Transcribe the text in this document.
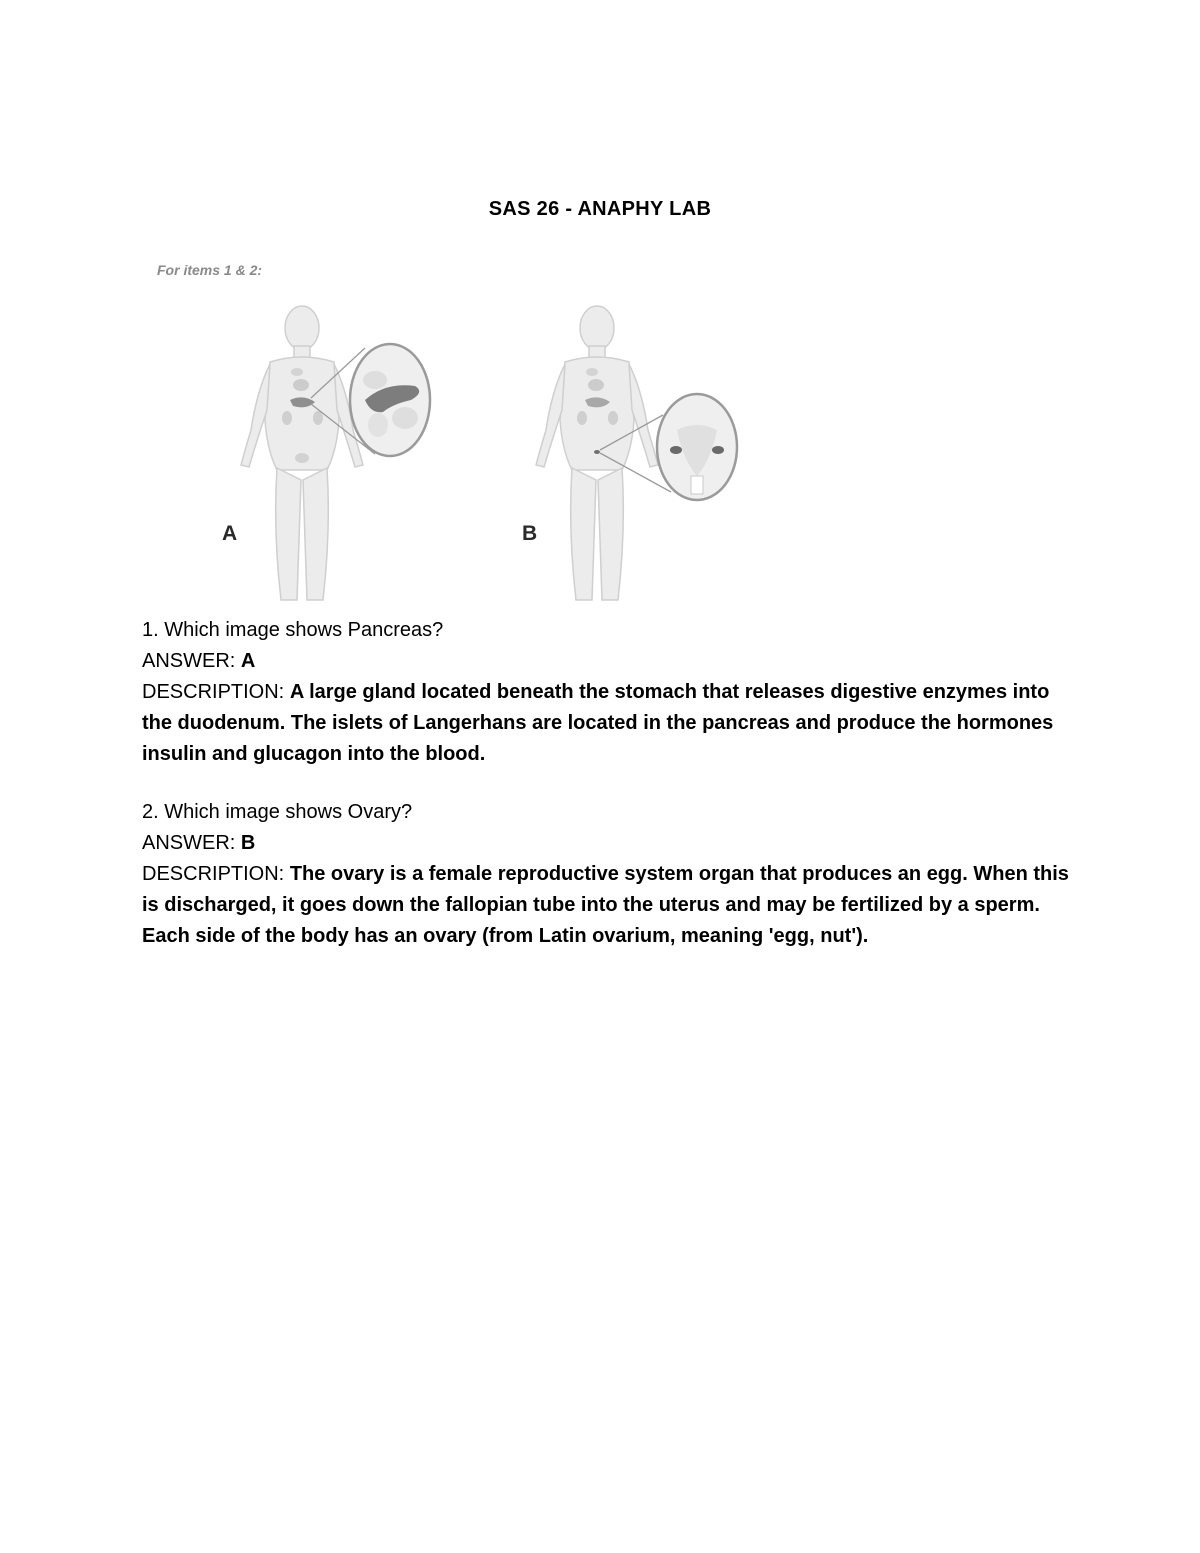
SAS 26 - ANAPHY LAB
For items 1 & 2:
A	B
1. Which image shows Pancreas?
ANSWER: A
DESCRIPTION: A large gland located beneath the stomach that releases digestive enzymes into the duodenum. The islets of Langerhans are located in the pancreas and produce the hormones insulin and glucagon into the blood.
2. Which image shows Ovary?
ANSWER: B
DESCRIPTION: The ovary is a female reproductive system organ that produces an egg. When this is discharged, it goes down the fallopian tube into the uterus and may be fertilized by a sperm. Each side of the body has an ovary (from Latin ovarium, meaning 'egg, nut').
